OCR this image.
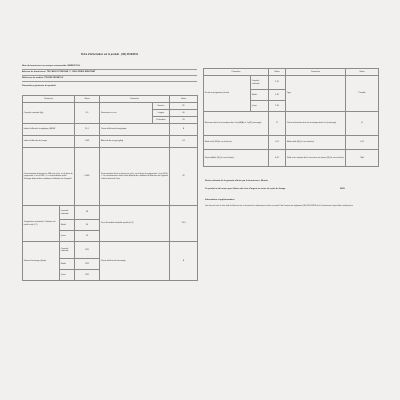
Fiche d'information sur le produit - (UE) 2019/2014
Nom du fournisseur ou marque commerciale: WHIRLPOOL
Adresse du fournisseur: TW CARLO POMCIAR, 1, 13016 PERSI INDUTRAT
Référence du modèle: TDLR65 FEU0819 II
Paramètres généraux du produit
Paramètre		Valeur	Paramètre		Valeur
Capacité nominale (kg)		6,5	Dimensions en cm	Hauteur	85
				Largeur	60
				Profondeur	43
Indice d'efficacité énergétique (EEI)W		51,5	Classe d'efficacité énergétique		B
Indice d'efficacité de lavage		1,031	Efficacité de rinçage (g/kg)		4,9
Consommation d'énergie en kWh par cycle, sur la base du programme « éco 40-60 ». La consommation réelle d'énergie dépend des conditions d'utilisation de l'appareil		0,680	Consommation d'eau en litres par cycle, sur la base du programme « éco 40-60 ». La consommation réelle d'eau dépend des conditions d'utilisation de l'appareil et de la dureté de l'eau		42
Température maximale à l'intérieur du textile traité (°C)	Capacité nominale	38	Taux d'humidité résiduelle pondéré (%)		53,9
	Moitié	34			
	Quart	24			
Vitesse d'essorage (tr/min)	Capacité nominale	1151	Classe d'efficacité d'essorage		B
	Moitié	1151			
	Quart	1151			
Paramètre		Valeur	Paramètre	Valeur
Durée du programme (h:min)	Capacité nominale	3:15	Type	Posable
	Moitié	2:45		
	Quart	2:30		
Émissions de bruit acoustique dans l'air (dB(A) re 1 pW) (essorage)		77	Classe d'émission de bruit acoustique dans l'air (essorage)	B
Mode arrêt (W) (le cas échéant)		0,11	Mode veille (W) (le cas échéant)	0,11
Départ différé (W) (le cas échéant)		4,00	Veille avec maintien de la connexion au réseau (W) (le cas échéant)	N/A
Durée minimale de la garantie offerte par le fournisseur: 24mois
Ce produit a été conçu pour libérer des ions d'argent au cours du cycle de lavage	NON
Informations supplémentaires
Lien Internet vers le site web du fabricant où se trouvent les informations visées au point 9 de l'annexe du règlement (UE) 2019/2023 de la Commission: https://docs.whirlpool.eu
